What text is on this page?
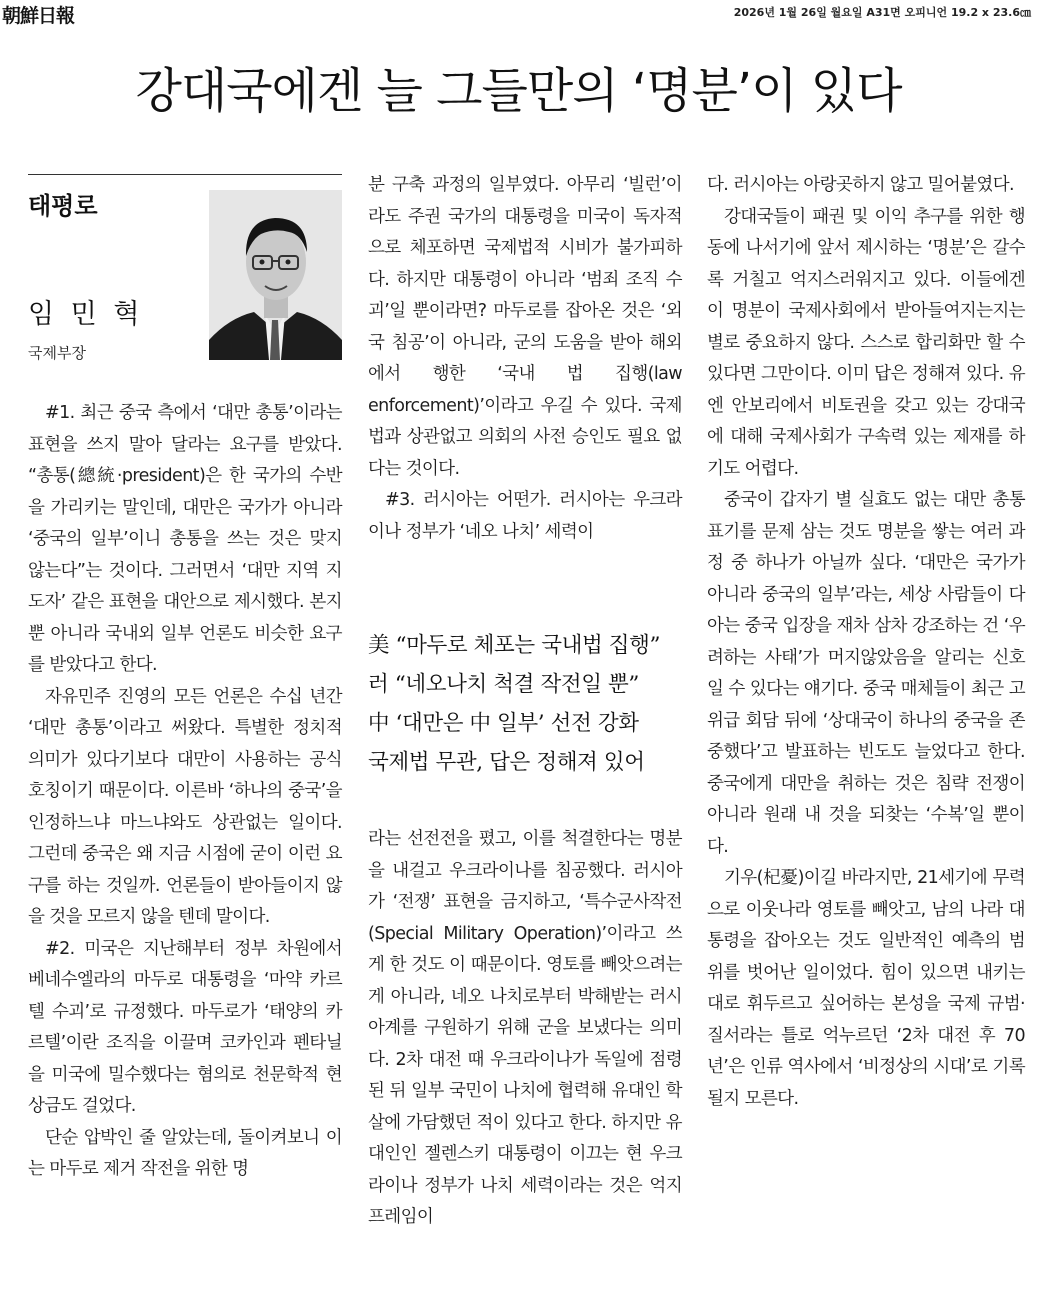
朝鮮日報	2026년 1월 26일 월요일 A31면 오피니언 19.2 x 23.6㎝
강대국에겐 늘 그들만의 ‘명분’이 있다
태평로
임 민 혁
국제부장

#1. 최근 중국 측에서 ‘대만 총통’이라는 표현을 쓰지 말아 달라는 요구를 받았다. “총통(總統·president)은 한 국가의 수반을 가리키는 말인데, 대만은 국가가 아니라 ‘중국의 일부’이니 총통을 쓰는 것은 맞지 않는다”는 것이다. 그러면서 ‘대만 지역 지도자’ 같은 표현을 대안으로 제시했다. 본지뿐 아니라 국내외 일부 언론도 비슷한 요구를 받았다고 한다.

자유민주 진영의 모든 언론은 수십 년간 ‘대만 총통’이라고 써왔다. 특별한 정치적 의미가 있다기보다 대만이 사용하는 공식 호칭이기 때문이다. 이른바 ‘하나의 중국’을 인정하느냐 마느냐와도 상관없는 일이다. 그런데 중국은 왜 지금 시점에 굳이 이런 요구를 하는 것일까. 언론들이 받아들이지 않을 것을 모르지 않을 텐데 말이다.

#2. 미국은 지난해부터 정부 차원에서 베네수엘라의 마두로 대통령을 ‘마약 카르텔 수괴’로 규정했다. 마두로가 ‘태양의 카르텔’이란 조직을 이끌며 코카인과 펜타닐을 미국에 밀수했다는 혐의로 천문학적 현상금도 걸었다.

단순 압박인 줄 알았는데, 돌이켜보니 이는 마두로 제거 작전을 위한 명

분 구축 과정의 일부였다. 아무리 ‘빌런’이라도 주권 국가의 대통령을 미국이 독자적으로 체포하면 국제법적 시비가 불가피하다. 하지만 대통령이 아니라 ‘범죄 조직 수괴’일 뿐이라면? 마두로를 잡아온 것은 ‘외국 침공’이 아니라, 군의 도움을 받아 해외에서 행한 ‘국내 법 집행(law enforcement)’이라고 우길 수 있다. 국제법과 상관없고 의회의 사전 승인도 필요 없다는 것이다.

#3. 러시아는 어떤가. 러시아는 우크라이나 정부가 ‘네오 나치’ 세력이

美 “마두로 체포는 국내법 집행”
러 “네오나치 척결 작전일 뿐”
中 ‘대만은 中 일부’ 선전 강화
국제법 무관, 답은 정해져 있어

라는 선전전을 폈고, 이를 척결한다는 명분을 내걸고 우크라이나를 침공했다. 러시아가 ‘전쟁’ 표현을 금지하고, ‘특수군사작전(Special Military Operation)’이라고 쓰게 한 것도 이 때문이다. 영토를 빼앗으려는 게 아니라, 네오 나치로부터 박해받는 러시아계를 구원하기 위해 군을 보냈다는 의미다. 2차 대전 때 우크라이나가 독일에 점령된 뒤 일부 국민이 나치에 협력해 유대인 학살에 가담했던 적이 있다고 한다. 하지만 유대인인 젤렌스키 대통령이 이끄는 현 우크라이나 정부가 나치 세력이라는 것은 억지 프레임이

다. 러시아는 아랑곳하지 않고 밀어붙였다.

강대국들이 패권 및 이익 추구를 위한 행동에 나서기에 앞서 제시하는 ‘명분’은 갈수록 거칠고 억지스러워지고 있다. 이들에겐 이 명분이 국제사회에서 받아들여지는지는 별로 중요하지 않다. 스스로 합리화만 할 수 있다면 그만이다. 이미 답은 정해져 있다. 유엔 안보리에서 비토권을 갖고 있는 강대국에 대해 국제사회가 구속력 있는 제재를 하기도 어렵다.

중국이 갑자기 별 실효도 없는 대만 총통 표기를 문제 삼는 것도 명분을 쌓는 여러 과정 중 하나가 아닐까 싶다. ‘대만은 국가가 아니라 중국의 일부’라는, 세상 사람들이 다 아는 중국 입장을 재차 삼차 강조하는 건 ‘우려하는 사태’가 머지않았음을 알리는 신호일 수 있다는 얘기다. 중국 매체들이 최근 고위급 회담 뒤에 ‘상대국이 하나의 중국을 존중했다’고 발표하는 빈도도 늘었다고 한다. 중국에게 대만을 취하는 것은 침략 전쟁이 아니라 원래 내 것을 되찾는 ‘수복’일 뿐이다.

기우(杞憂)이길 바라지만, 21세기에 무력으로 이웃나라 영토를 빼앗고, 남의 나라 대통령을 잡아오는 것도 일반적인 예측의 범위를 벗어난 일이었다. 힘이 있으면 내키는 대로 휘두르고 싶어하는 본성을 국제 규범·질서라는 틀로 억누르던 ‘2차 대전 후 70년’은 인류 역사에서 ‘비정상의 시대’로 기록될지 모른다.
